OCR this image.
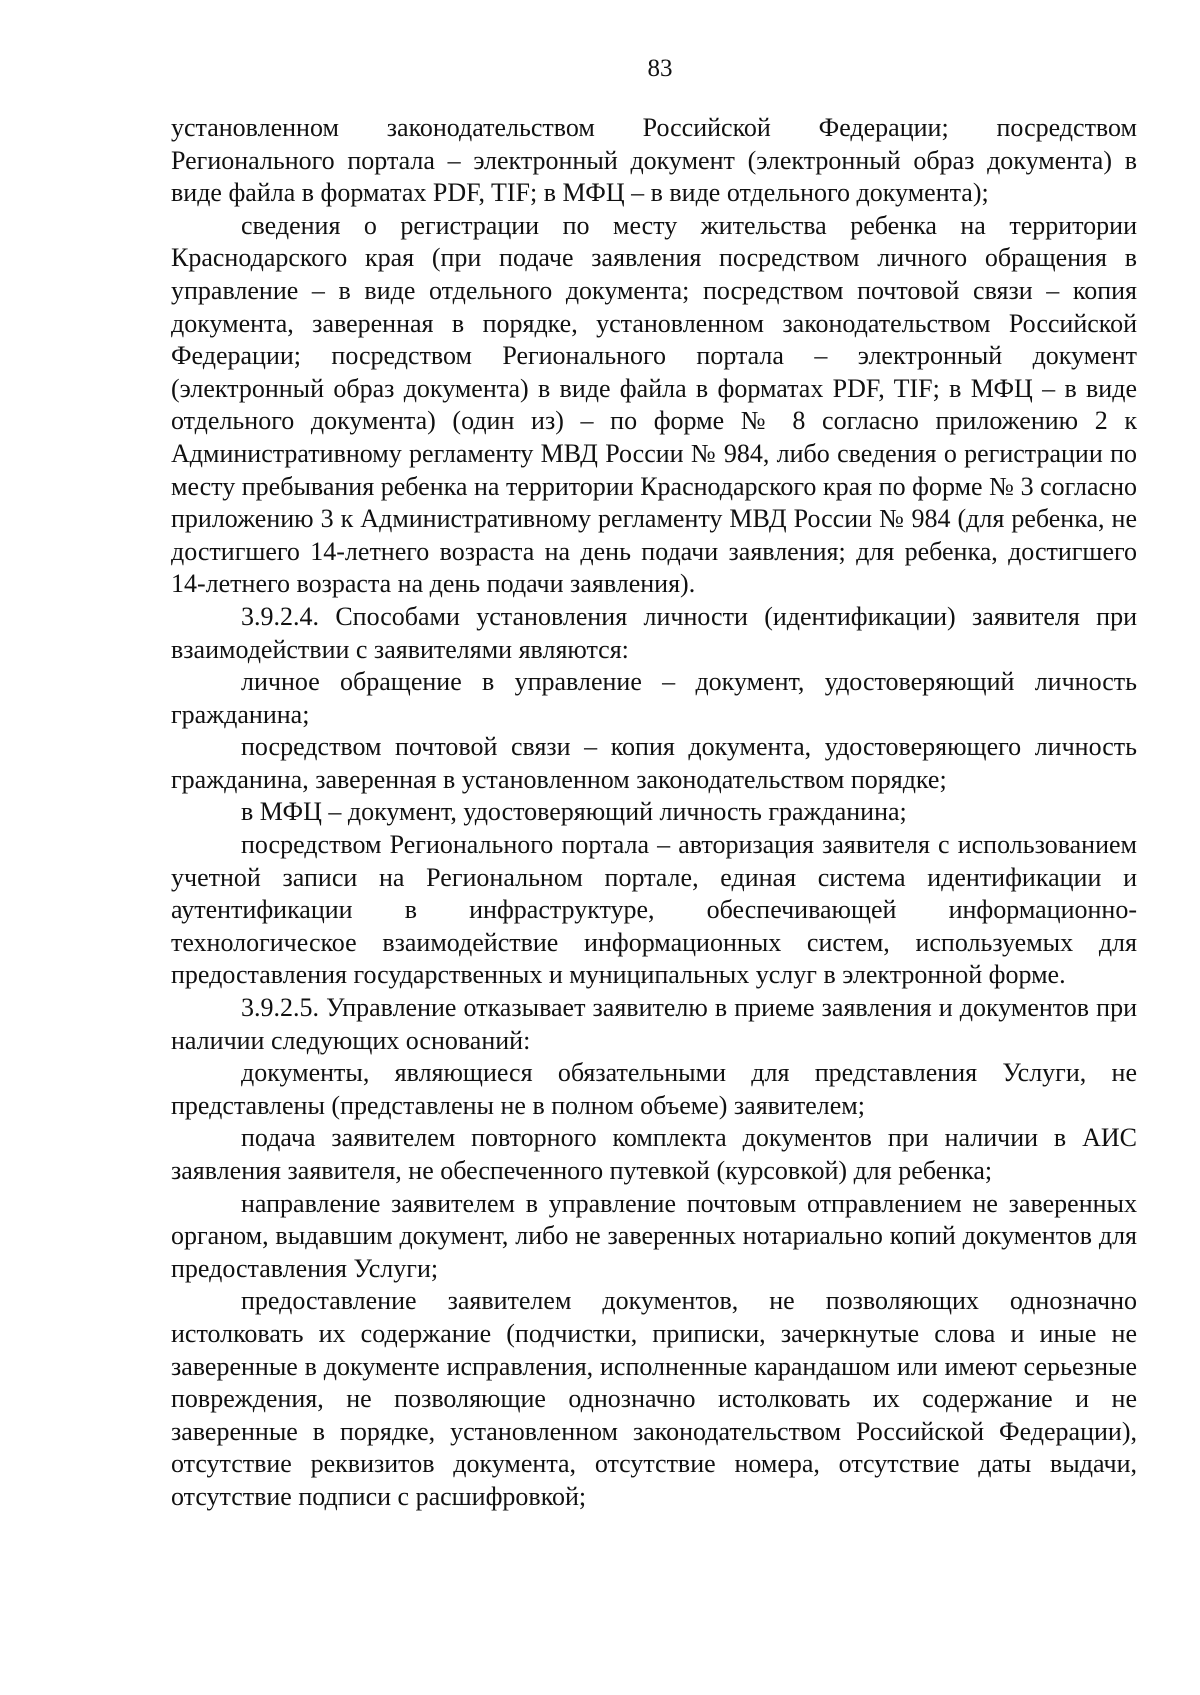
83

установленном законодательством Российской Федерации; посредством Регионального портала – электронный документ (электронный образ документа) в виде файла в форматах PDF, TIF; в МФЦ – в виде отдельного документа);

сведения о регистрации по месту жительства ребенка на территории Краснодарского края (при подаче заявления посредством личного обращения в управление – в виде отдельного документа; посредством почтовой связи – копия документа, заверенная в порядке, установленном законодательством Российской Федерации; посредством Регионального портала – электронный документ (электронный образ документа) в виде файла в форматах PDF, TIF; в МФЦ – в виде отдельного документа) (один из) – по форме № 8 согласно приложению 2 к Административному регламенту МВД России № 984, либо сведения о регистрации по месту пребывания ребенка на территории Краснодарского края по форме № 3 согласно приложению 3 к Административному регламенту МВД России № 984 (для ребенка, не достигшего 14-летнего возраста на день подачи заявления; для ребенка, достигшего 14-летнего возраста на день подачи заявления).

3.9.2.4. Способами установления личности (идентификации) заявителя при взаимодействии с заявителями являются:

личное обращение в управление – документ, удостоверяющий личность гражданина;

посредством почтовой связи – копия документа, удостоверяющего личность гражданина, заверенная в установленном законодательством порядке;

в МФЦ – документ, удостоверяющий личность гражданина;

посредством Регионального портала – авторизация заявителя с использованием учетной записи на Региональном портале, единая система идентификации и аутентификации в инфраструктуре, обеспечивающей информационно-технологическое взаимодействие информационных систем, используемых для предоставления государственных и муниципальных услуг в электронной форме.

3.9.2.5. Управление отказывает заявителю в приеме заявления и документов при наличии следующих оснований:

документы, являющиеся обязательными для представления Услуги, не представлены (представлены не в полном объеме) заявителем;

подача заявителем повторного комплекта документов при наличии в АИС заявления заявителя, не обеспеченного путевкой (курсовкой) для ребенка;

направление заявителем в управление почтовым отправлением не заверенных органом, выдавшим документ, либо не заверенных нотариально копий документов для предоставления Услуги;

предоставление заявителем документов, не позволяющих однозначно истолковать их содержание (подчистки, приписки, зачеркнутые слова и иные не заверенные в документе исправления, исполненные карандашом или имеют серьезные повреждения, не позволяющие однозначно истолковать их содержание и не заверенные в порядке, установленном законодательством Российской Федерации), отсутствие реквизитов документа, отсутствие номера, отсутствие даты выдачи, отсутствие подписи с расшифровкой;
